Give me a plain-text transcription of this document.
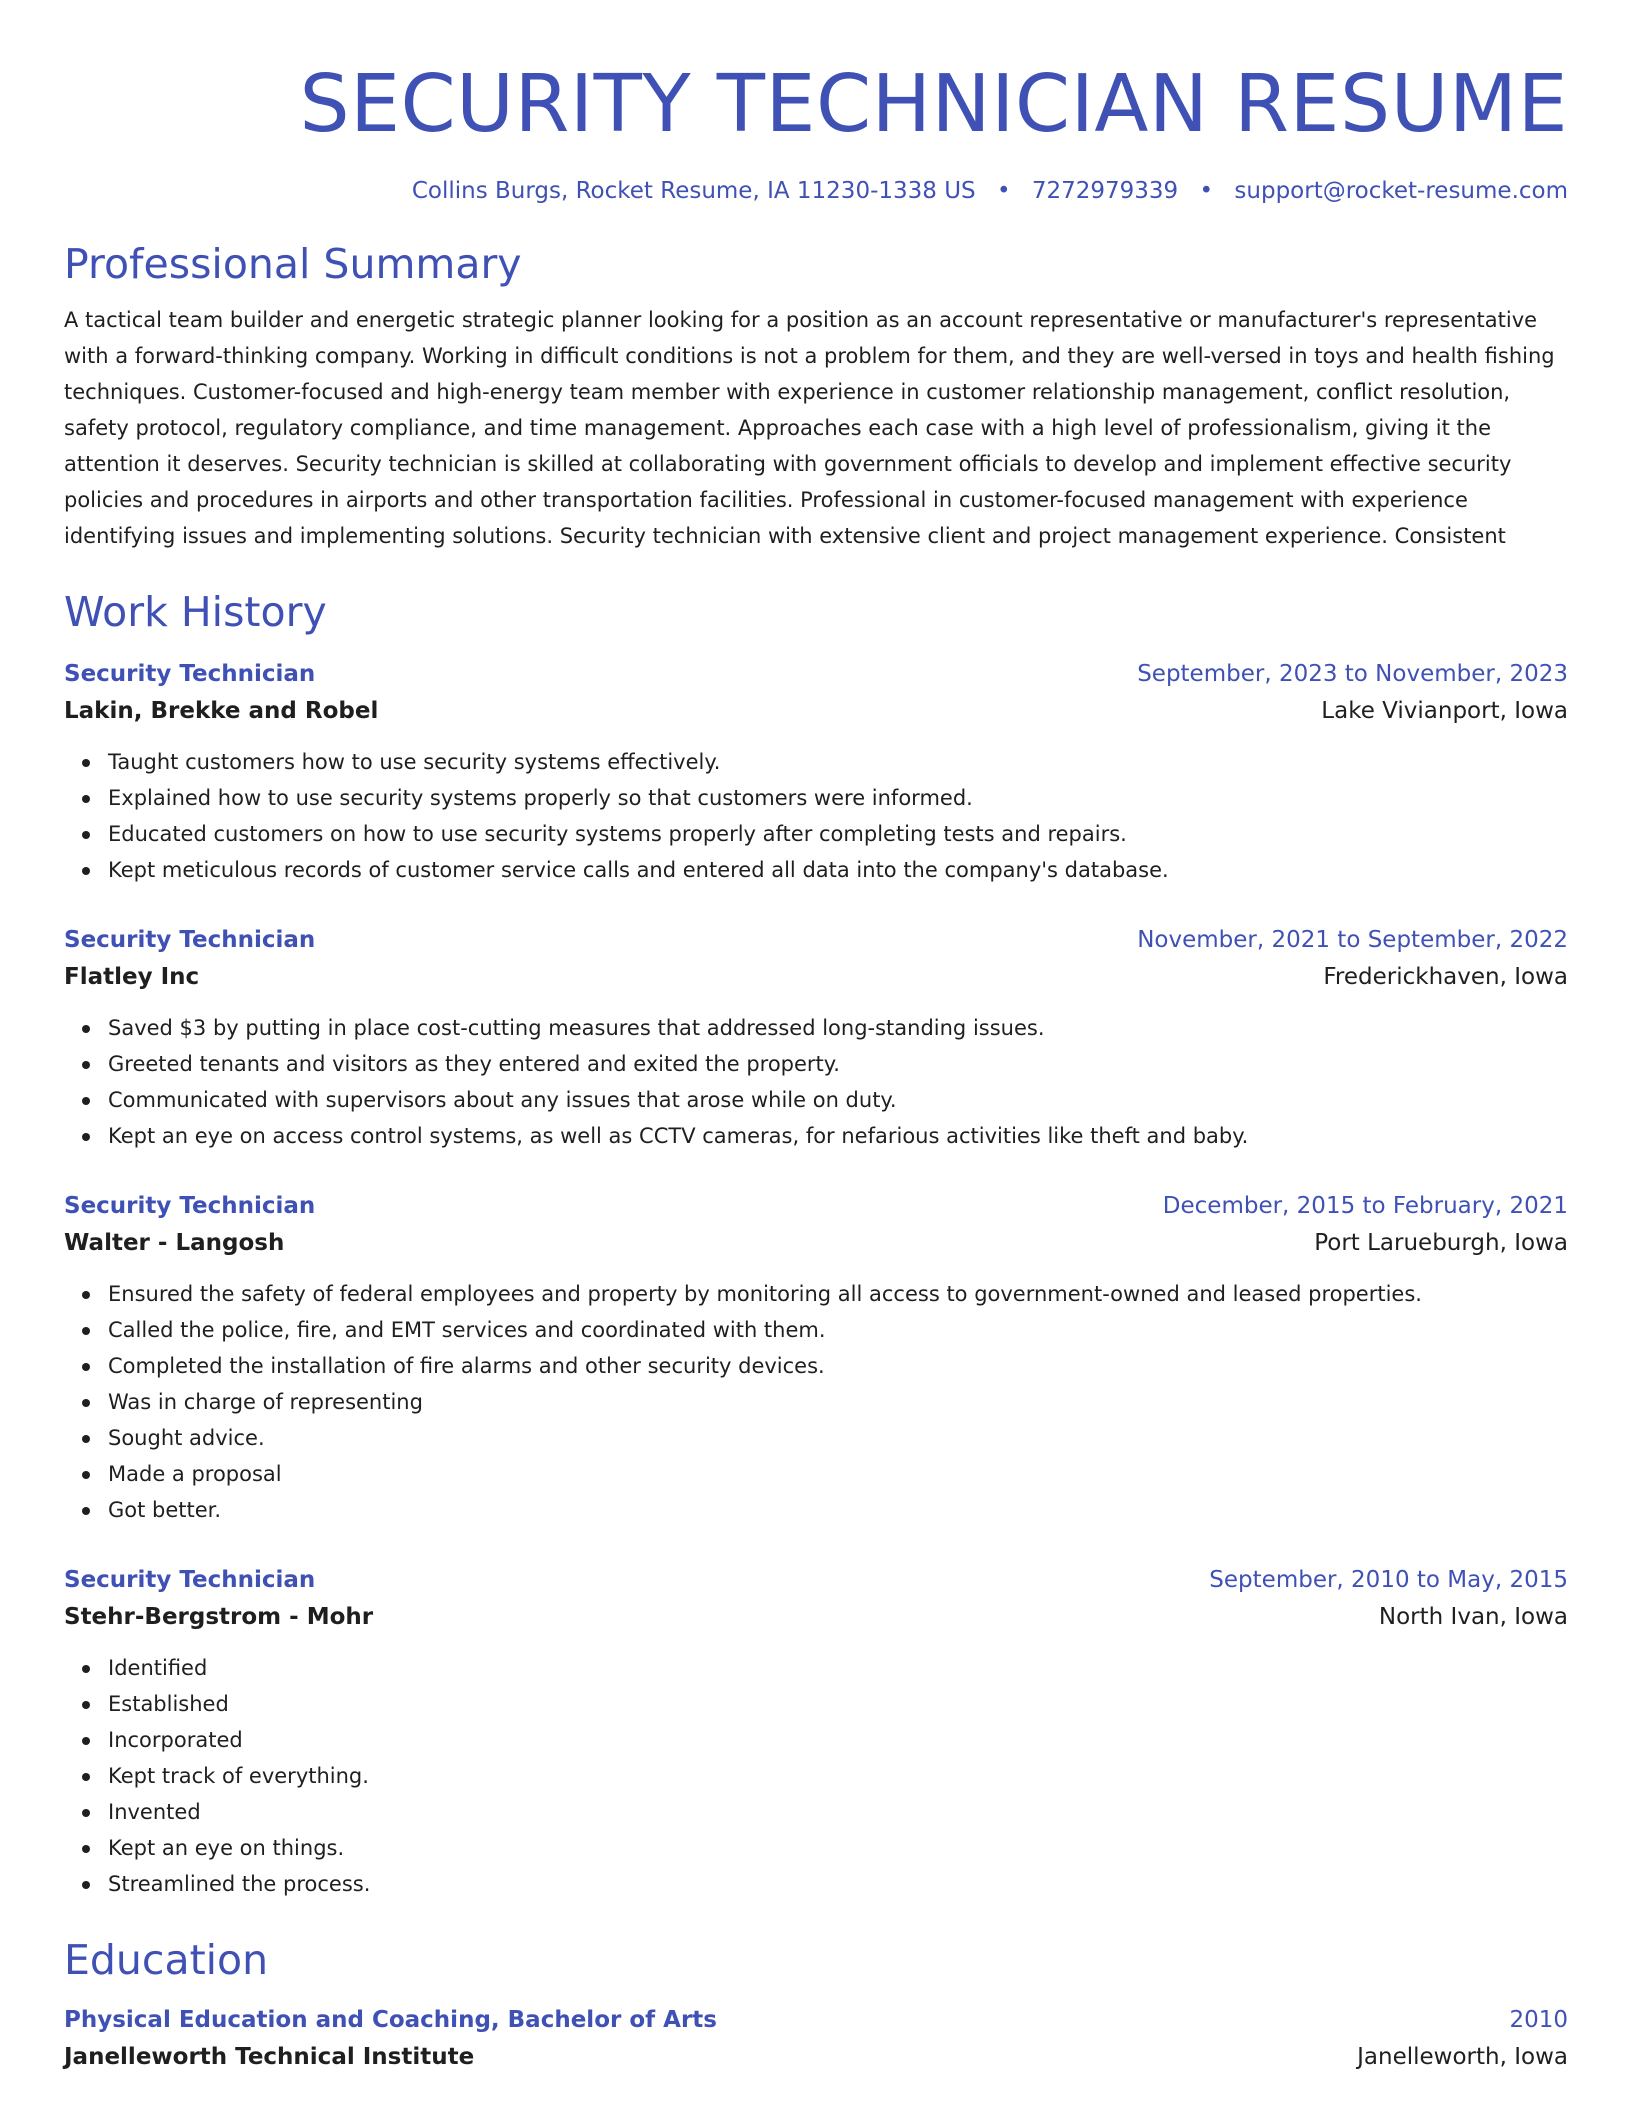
SECURITY TECHNICIAN RESUME
Collins Burgs, Rocket Resume, IA 11230-1338 US • 7272979339 • support@rocket-resume.com
Professional Summary

A tactical team builder and energetic strategic planner looking for a position as an account representative or manufacturer's representative with a forward-thinking company. Working in difficult conditions is not a problem for them, and they are well-versed in toys and health fishing techniques. Customer-focused and high-energy team member with experience in customer relationship management, conflict resolution, safety protocol, regulatory compliance, and time management. Approaches each case with a high level of professionalism, giving it the attention it deserves. Security technician is skilled at collaborating with government officials to develop and implement effective security policies and procedures in airports and other transportation facilities. Professional in customer-focused management with experience identifying issues and implementing solutions. Security technician with extensive client and project management experience. Consistent

Work History
Security Technician	September, 2023 to November, 2023
Lakin, Brekke and Robel	Lake Vivianport, Iowa
Taught customers how to use security systems effectively.
Explained how to use security systems properly so that customers were informed.
Educated customers on how to use security systems properly after completing tests and repairs.
Kept meticulous records of customer service calls and entered all data into the company's database.
Security Technician	November, 2021 to September, 2022
Flatley Inc	Frederickhaven, Iowa
Saved $3 by putting in place cost-cutting measures that addressed long-standing issues.
Greeted tenants and visitors as they entered and exited the property.
Communicated with supervisors about any issues that arose while on duty.
Kept an eye on access control systems, as well as CCTV cameras, for nefarious activities like theft and baby.
Security Technician	December, 2015 to February, 2021
Walter - Langosh	Port Larueburgh, Iowa
Ensured the safety of federal employees and property by monitoring all access to government-owned and leased properties.
Called the police, fire, and EMT services and coordinated with them.
Completed the installation of fire alarms and other security devices.
Was in charge of representing
Sought advice.
Made a proposal
Got better.
Security Technician	September, 2010 to May, 2015
Stehr-Bergstrom - Mohr	North Ivan, Iowa
Identified
Established
Incorporated
Kept track of everything.
Invented
Kept an eye on things.
Streamlined the process.
Education
Physical Education and Coaching, Bachelor of Arts	2010
Janelleworth Technical Institute	Janelleworth, Iowa
